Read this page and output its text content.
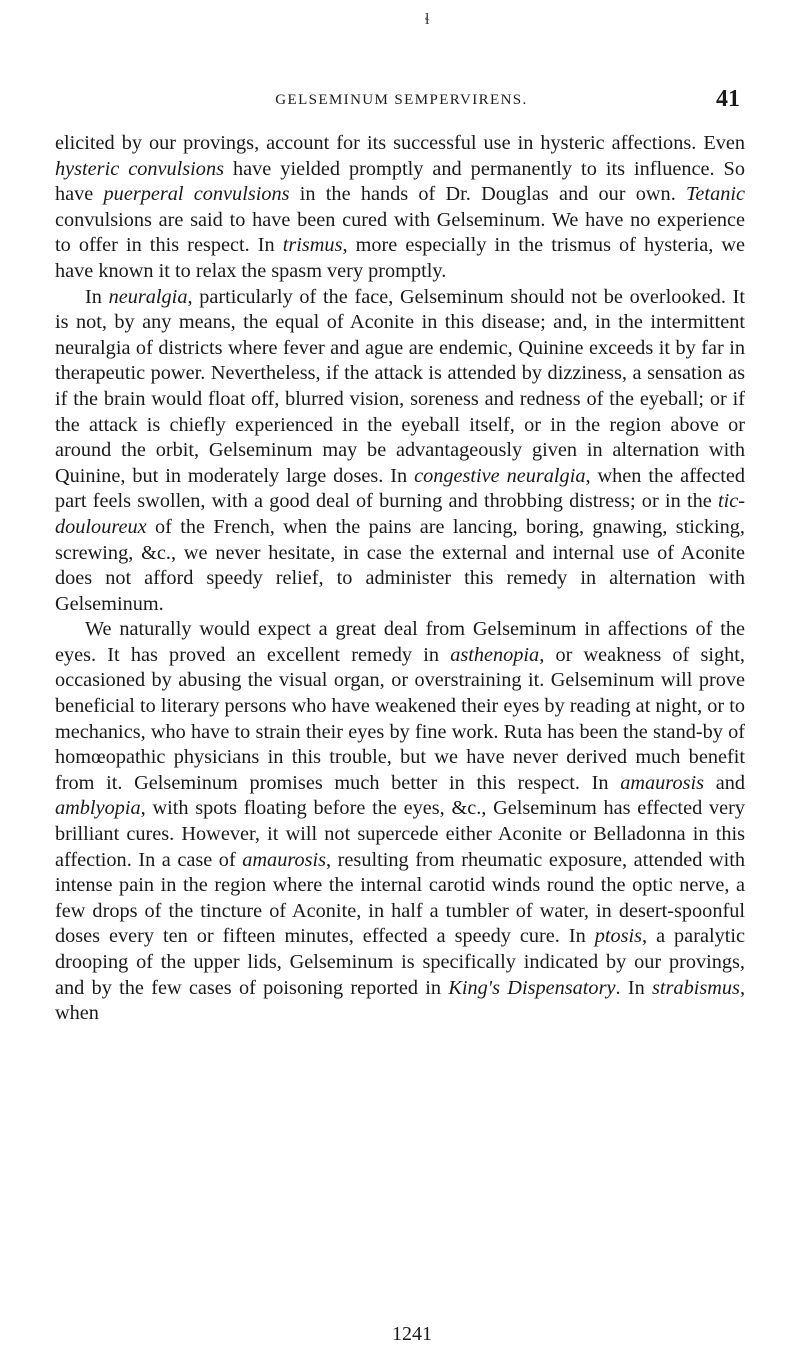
ɬ
GELSEMINUM SEMPERVIRENS.	41

elicited by our provings, account for its successful use in hysteric affections. Even hysteric convulsions have yielded promptly and permanently to its influence. So have puerperal convulsions in the hands of Dr. Douglas and our own. Tetanic convulsions are said to have been cured with Gelseminum. We have no experience to offer in this respect. In trismus, more especially in the trismus of hysteria, we have known it to relax the spasm very promptly.

In neuralgia, particularly of the face, Gelseminum should not be overlooked. It is not, by any means, the equal of Aconite in this disease; and, in the intermittent neuralgia of districts where fever and ague are endemic, Quinine exceeds it by far in therapeutic power. Nevertheless, if the attack is attended by dizziness, a sensation as if the brain would float off, blurred vision, soreness and redness of the eyeball; or if the attack is chiefly experienced in the eyeball itself, or in the region above or around the orbit, Gelseminum may be advantageously given in alternation with Quinine, but in moderately large doses. In congestive neuralgia, when the affected part feels swollen, with a good deal of burning and throbbing distress; or in the tic-douloureux of the French, when the pains are lancing, boring, gnawing, sticking, screwing, &c., we never hesitate, in case the external and internal use of Aconite does not afford speedy relief, to administer this remedy in alternation with Gelseminum.

We naturally would expect a great deal from Gelseminum in affections of the eyes. It has proved an excellent remedy in asthenopia, or weakness of sight, occasioned by abusing the visual organ, or overstraining it. Gelseminum will prove beneficial to literary persons who have weakened their eyes by reading at night, or to mechanics, who have to strain their eyes by fine work. Ruta has been the stand-by of homœopathic physicians in this trouble, but we have never derived much benefit from it. Gelseminum promises much better in this respect. In amaurosis and amblyopia, with spots floating before the eyes, &c., Gelseminum has effected very brilliant cures. However, it will not supercede either Aconite or Belladonna in this affection. In a case of amaurosis, resulting from rheumatic exposure, attended with intense pain in the region where the internal carotid winds round the optic nerve, a few drops of the tincture of Aconite, in half a tumbler of water, in desert-spoonful doses every ten or fifteen minutes, effected a speedy cure. In ptosis, a paralytic drooping of the upper lids, Gelseminum is specifically indicated by our provings, and by the few cases of poisoning reported in King's Dispensatory. In strabismus, when

1241
